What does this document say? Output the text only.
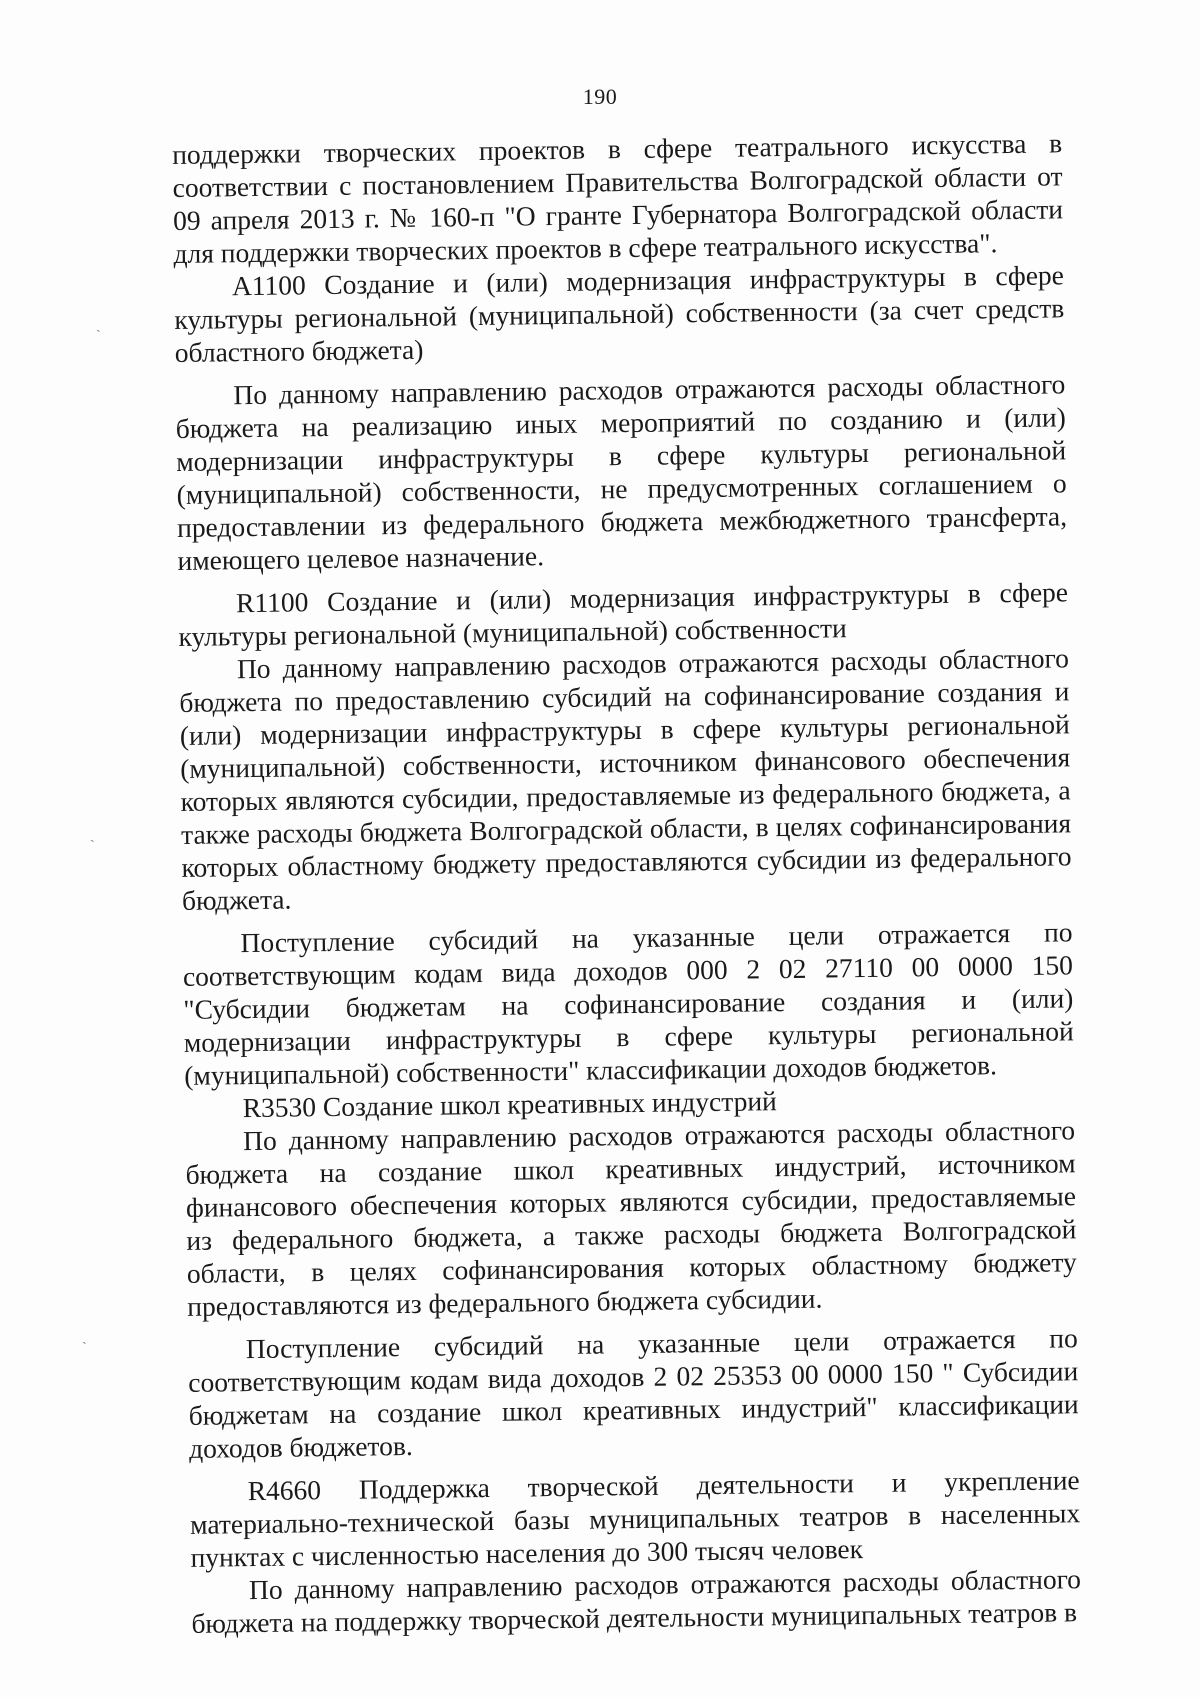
190

поддержки творческих проектов в сфере театрального искусства в соответствии с постановлением Правительства Волгоградской области от 09 апреля 2013 г. № 160-п "О гранте Губернатора Волгоградской области для поддержки творческих проектов в сфере театрального искусства".

А1100 Создание и (или) модернизация инфраструктуры в сфере культуры региональной (муниципальной) собственности (за счет средств областного бюджета)

По данному направлению расходов отражаются расходы областного бюджета на реализацию иных мероприятий по созданию и (или) модернизации инфраструктуры в сфере культуры региональной (муниципальной) собственности, не предусмотренных соглашением о предоставлении из федерального бюджета межбюджетного трансферта, имеющего целевое назначение.

R1100 Создание и (или) модернизация инфраструктуры в сфере культуры региональной (муниципальной) собственности

По данному направлению расходов отражаются расходы областного бюджета по предоставлению субсидий на софинансирование создания и (или) модернизации инфраструктуры в сфере культуры региональной (муниципальной) собственности, источником финансового обеспечения которых являются субсидии, предоставляемые из федерального бюджета, а также расходы бюджета Волгоградской области, в целях софинансирования которых областному бюджету предоставляются субсидии из федерального бюджета.

Поступление субсидий на указанные цели отражается по соответствующим кодам вида доходов 000 2 02 27110 00 0000 150 "Субсидии бюджетам на софинансирование создания и (или) модернизации инфраструктуры в сфере культуры региональной (муниципальной) собственности" классификации доходов бюджетов.

R3530 Создание школ креативных индустрий

По данному направлению расходов отражаются расходы областного бюджета на создание школ креативных индустрий, источником финансового обеспечения которых являются субсидии, предоставляемые из федерального бюджета, а также расходы бюджета Волгоградской области, в целях софинансирования которых областному бюджету предоставляются из федерального бюджета субсидии.

Поступление субсидий на указанные цели отражается по соответствующим кодам вида доходов 2 02 25353 00 0000 150 " Субсидии бюджетам на создание школ креативных индустрий" классификации доходов бюджетов.

R4660 Поддержка творческой деятельности и укрепление материально-технической базы муниципальных театров в населенных пунктах с численностью населения до 300 тысяч человек

По данному направлению расходов отражаются расходы областного бюджета на поддержку творческой деятельности муниципальных театров в

ˎ
ˎ
ˎ
